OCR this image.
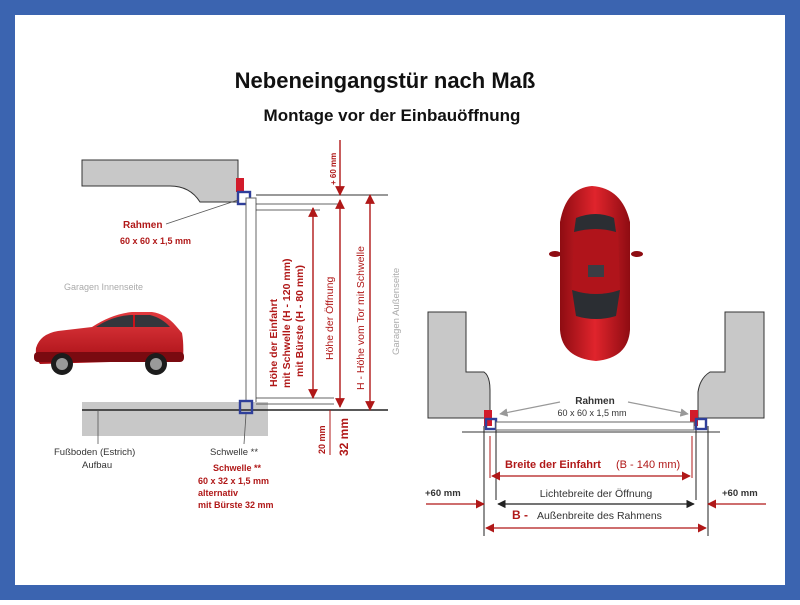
Nebeneingangstür nach Maß
Montage vor der Einbauöffnung
+ 60 mm
Höhe der Einfahrt mit Schwelle (H - 120 mm) mit Bürste (H - 80 mm) Höhe der Öffnung H - Höhe vom Tor mit Schwelle
20 mm 32 mm
Garagen Außenseite
Rahmen
60 x 60 x 1,5 mm
Garagen Innenseite
Fußboden (Estrich)
Aufbau
Schwelle **
Schwelle **
60 x 32 x 1,5 mm
alternativ
mit Bürste 32 mm
Rahmen
60 x 60 x 1,5 mm
Breite der Einfahrt (B - 140 mm)
Lichtebreite der Öffnung
+60 mm	+60 mm
B - Außenbreite des Rahmens
